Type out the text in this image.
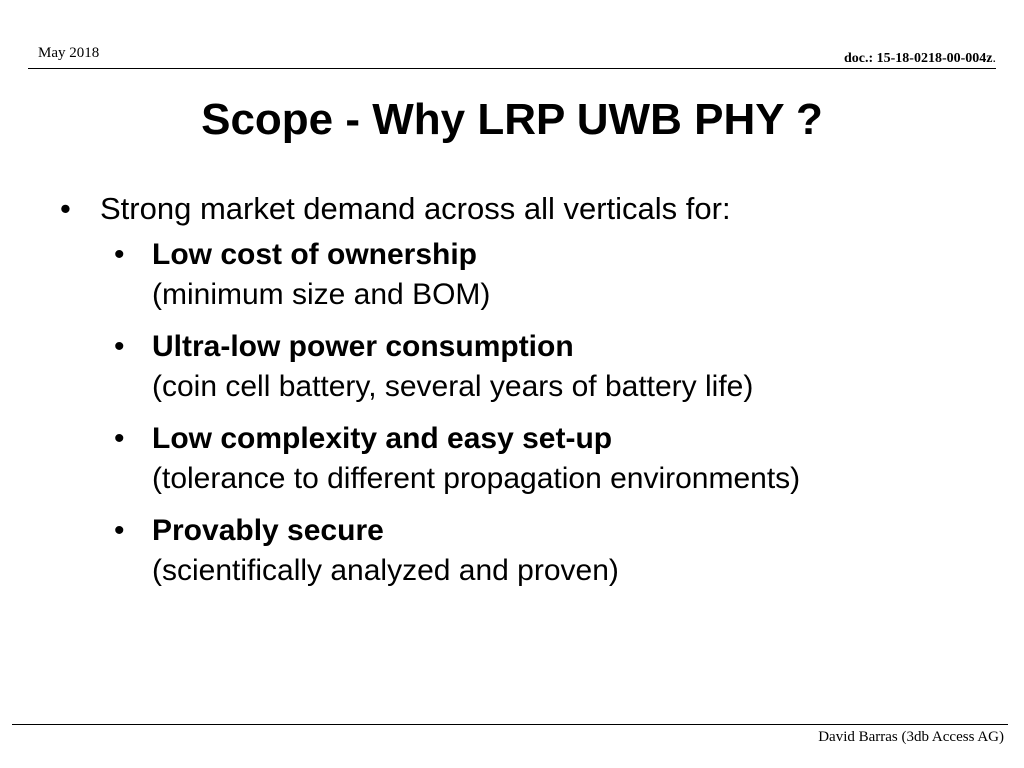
May 2018	doc.: 15-18-0218-00-004z.
Scope - Why LRP UWB PHY ?
• Strong market demand across all verticals for:
• Low cost of ownership
(minimum size and BOM)
• Ultra-low power consumption
(coin cell battery, several years of battery life)
• Low complexity and easy set-up
(tolerance to different propagation environments)
• Provably secure
(scientifically analyzed and proven)
David Barras (3db Access AG)
